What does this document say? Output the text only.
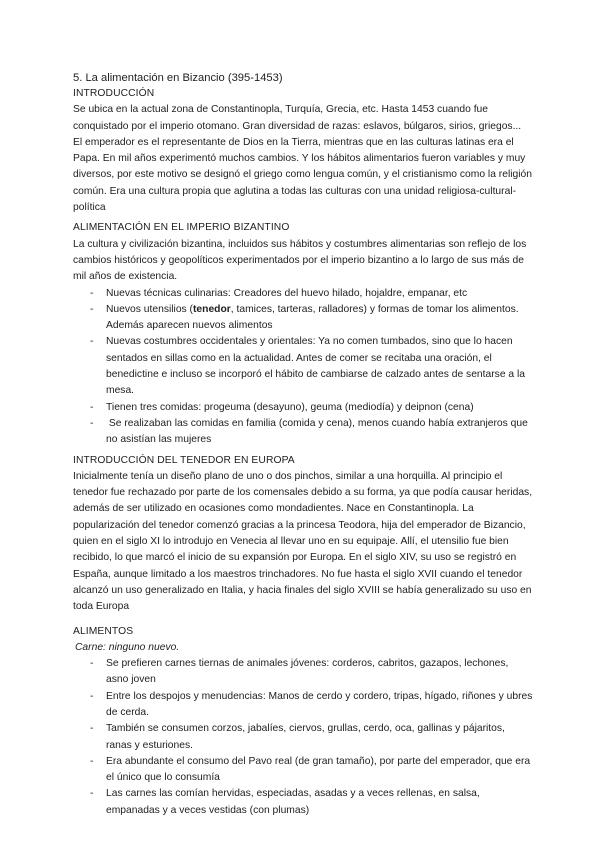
5. La alimentación en Bizancio (395-1453)

INTRODUCCIÓN

Se ubica en la actual zona de Constantinopla, Turquía, Grecia, etc. Hasta 1453 cuando fue conquistado por el imperio otomano. Gran diversidad de razas: eslavos, búlgaros, sirios, griegos... El emperador es el representante de Dios en la Tierra, mientras que en las culturas latinas era el Papa. En mil años experimentó muchos cambios. Y los hábitos alimentarios fueron variables y muy diversos, por este motivo se designó el griego como lengua común, y el cristianismo como la religión común. Era una cultura propia que aglutina a todas las culturas con una unidad religiosa-cultural-política

ALIMENTACIÓN EN EL IMPERIO BIZANTINO

La cultura y civilización bizantina, incluidos sus hábitos y costumbres alimentarias son reflejo de los cambios históricos y geopolíticos experimentados por el imperio bizantino a lo largo de sus más de mil años de existencia.

- Nuevas técnicas culinarias: Creadores del huevo hilado, hojaldre, empanar, etc
- Nuevos utensilios (tenedor, tamices, tarteras, ralladores) y formas de tomar los alimentos. Además aparecen nuevos alimentos
- Nuevas costumbres occidentales y orientales: Ya no comen tumbados, sino que lo hacen sentados en sillas como en la actualidad. Antes de comer se recitaba una oración, el benedictine e incluso se incorporó el hábito de cambiarse de calzado antes de sentarse a la mesa.
- Tienen tres comidas: progeuma (desayuno), geuma (mediodía) y deipnon (cena)
- Se realizaban las comidas en familia (comida y cena), menos cuando había extranjeros que no asistían las mujeres
INTRODUCCIÓN DEL TENEDOR EN EUROPA

Inicialmente tenía un diseño plano de uno o dos pinchos, similar a una horquilla. Al principio el tenedor fue rechazado por parte de los comensales debido a su forma, ya que podía causar heridas, además de ser utilizado en ocasiones como mondadientes. Nace en Constantinopla. La popularización del tenedor comenzó gracias a la princesa Teodora, hija del emperador de Bizancio, quien en el siglo XI lo introdujo en Venecia al llevar uno en su equipaje. Allí, el utensilio fue bien recibido, lo que marcó el inicio de su expansión por Europa. En el siglo XIV, su uso se registró en España, aunque limitado a los maestros trinchadores. No fue hasta el siglo XVII cuando el tenedor alcanzó un uso generalizado en Italia, y hacia finales del siglo XVIII se había generalizado su uso en toda Europa

ALIMENTOS

Carne: ninguno nuevo.

- Se prefieren carnes tiernas de animales jóvenes: corderos, cabritos, gazapos, lechones, asno joven
- Entre los despojos y menudencias: Manos de cerdo y cordero, tripas, hígado, riñones y ubres de cerda.
- También se consumen corzos, jabalíes, ciervos, grullas, cerdo, oca, gallinas y pájaritos, ranas y esturiones.
- Era abundante el consumo del Pavo real (de gran tamaño), por parte del emperador, que era el único que lo consumía
- Las carnes las comían hervidas, especiadas, asadas y a veces rellenas, en salsa, empanadas y a veces vestidas (con plumas)
